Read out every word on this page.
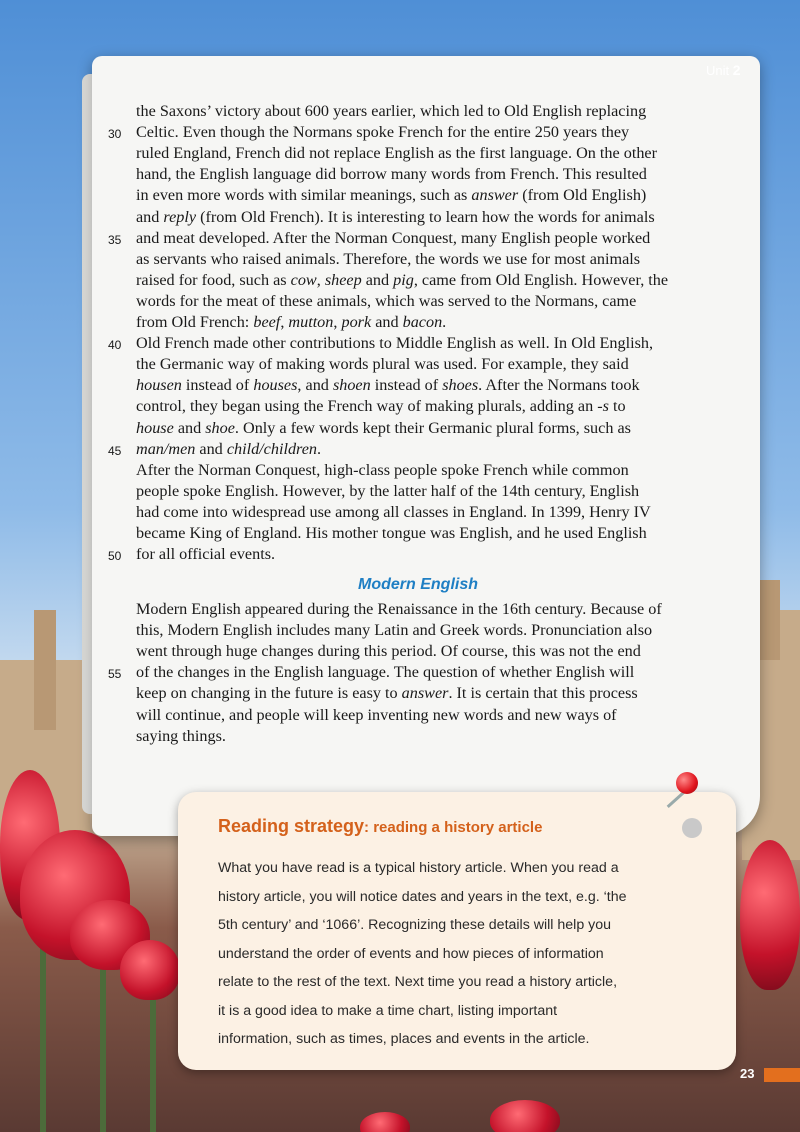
Unit 2
the Saxons’ victory about 600 years earlier, which led to Old English replacing
Celtic. Even though the Normans spoke French for the entire 250 years they
30
ruled England, French did not replace English as the first language. On the other
hand, the English language did borrow many words from French. This resulted
in even more words with similar meanings, such as answer (from Old English)
and reply (from Old French). It is interesting to learn how the words for animals
and meat developed. After the Norman Conquest, many English people worked
35
as servants who raised animals. Therefore, the words we use for most animals
raised for food, such as cow, sheep and pig, came from Old English. However, the
words for the meat of these animals, which was served to the Normans, came
from Old French: beef, mutton, pork and bacon.
Old French made other contributions to Middle English as well. In Old English,
40
the Germanic way of making words plural was used. For example, they said
housen instead of houses, and shoen instead of shoes. After the Normans took
control, they began using the French way of making plurals, adding an -s to
house and shoe. Only a few words kept their Germanic plural forms, such as
man/men and child/children.
45
After the Norman Conquest, high-class people spoke French while common
people spoke English. However, by the latter half of the 14th century, English
had come into widespread use among all classes in England. In 1399, Henry IV
became King of England. His mother tongue was English, and he used English
for all official events.
50
Modern English appeared during the Renaissance in the 16th century. Because of
this, Modern English includes many Latin and Greek words. Pronunciation also
went through huge changes during this period. Of course, this was not the end
of the changes in the English language. The question of whether English will
55
keep on changing in the future is easy to answer. It is certain that this process
will continue, and people will keep inventing new words and new ways of
saying things.
Modern English
Reading strategy: reading a history article
What you have read is a typical history article. When you read a
history article, you will notice dates and years in the text, e.g. ‘the
5th century’ and ‘1066’. Recognizing these details will help you
understand the order of events and how pieces of information
relate to the rest of the text. Next time you read a history article,
it is a good idea to make a time chart, listing important
information, such as times, places and events in the article.
23
